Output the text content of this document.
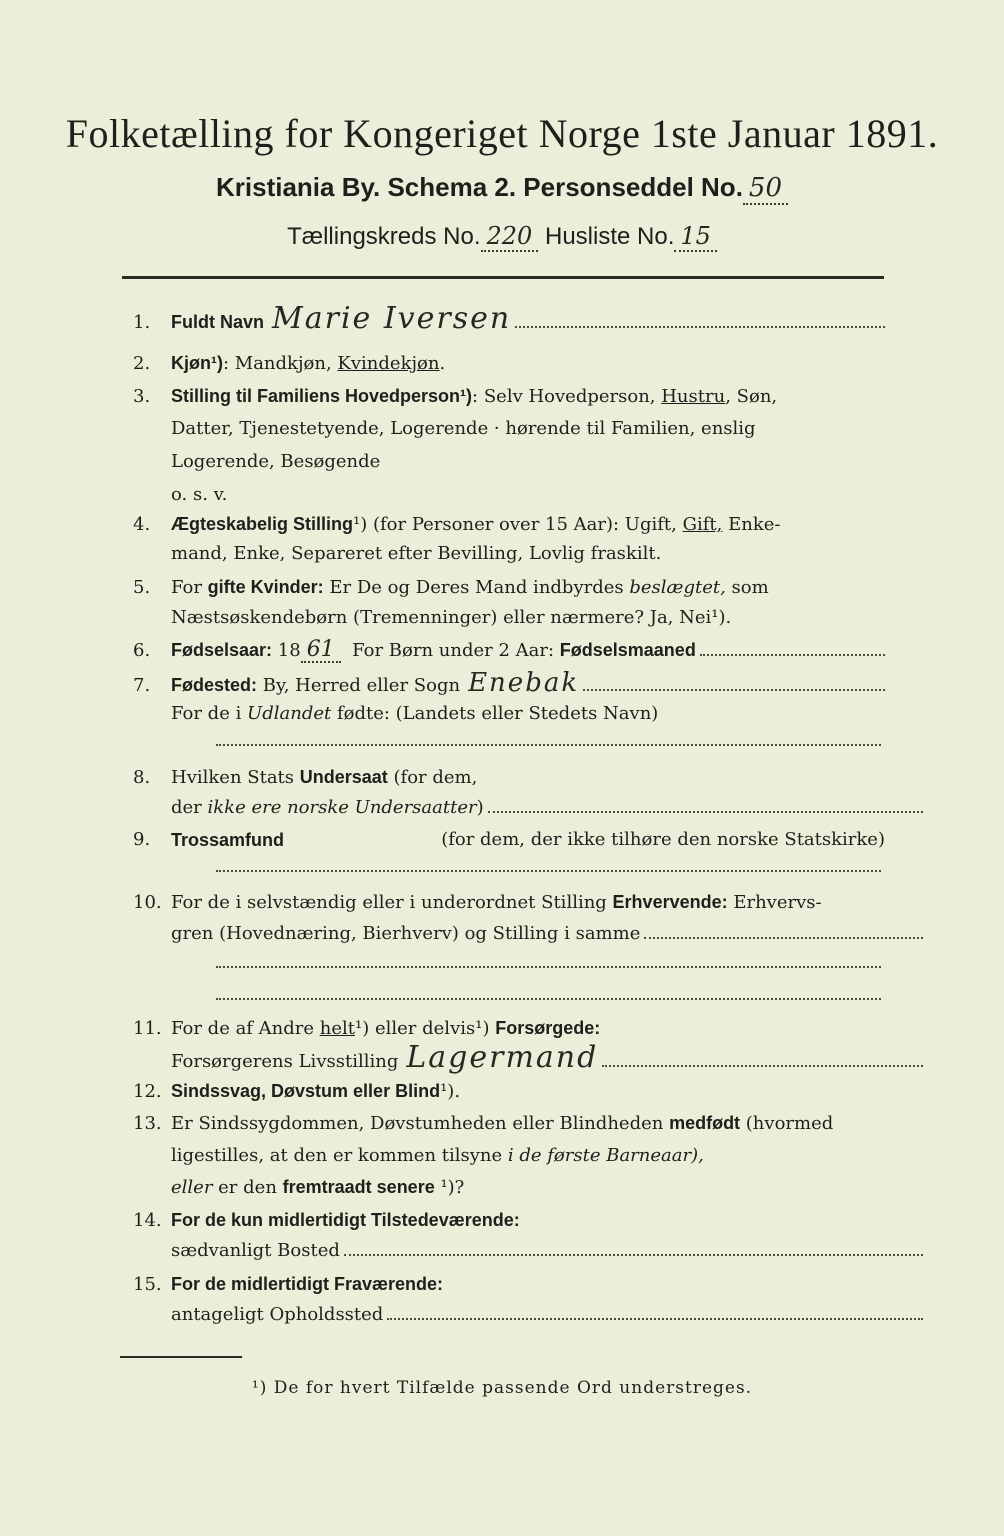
Folketælling for Kongeriget Norge 1ste Januar 1891.
Kristiania By. Schema 2. Personseddel No. 50
Tællingskreds No. 220 Husliste No. 15
1.	Fuldt Navn Marie Iversen
2.	Kjøn¹) : Mandkjøn, Kvindekjøn .
3.	Stilling til Familiens Hovedperson¹) : Selv Hovedperson, Hustru , Søn,
Datter, Tjenestetyende, Logerende · hørende til Familien, enslig
Logerende, Besøgende
o. s. v.
4.	Ægteskabelig Stilling ¹) (for Personer over 15 Aar): Ugift, Gift, Enke-
mand, Enke, Separeret efter Bevilling, Lovlig fraskilt.
5.	For gifte Kvinder: Er De og Deres Mand indbyrdes beslægtet, som
Næstsøskendebørn (Tremenninger) eller nærmere? Ja, Nei¹).
6.	Fødselsaar: 18 61 For Børn under 2 Aar: Fødselsmaaned
7.	Fødested: By, Herred eller Sogn Enebak
For de i Udlandet fødte: (Landets eller Stedets Navn)
8.	Hvilken Stats Undersaat (for dem,
der ikke ere norske Undersaatter )
9.	Trossamfund	(for dem, der ikke tilhøre den norske Statskirke)
10. For de i selvstændig eller i underordnet Stilling Erhvervende: Erhvervs-
gren (Hovednæring, Bierhverv) og Stilling i samme
11. For de af Andre helt ¹) eller delvis¹) Forsørgede:
Forsørgerens Livsstilling Lagermand
12. Sindssvag, Døvstum eller Blind ¹).
13. Er Sindssygdommen, Døvstumheden eller Blindheden medfødt (hvormed
ligestilles, at den er kommen tilsyne i de første Barneaar),
eller er den fremtraadt senere ¹)?
14. For de kun midlertidigt Tilstedeværende:
sædvanligt Bosted
15. For de midlertidigt Fraværende:
antageligt Opholdssted
¹) De for hvert Tilfælde passende Ord understreges.
